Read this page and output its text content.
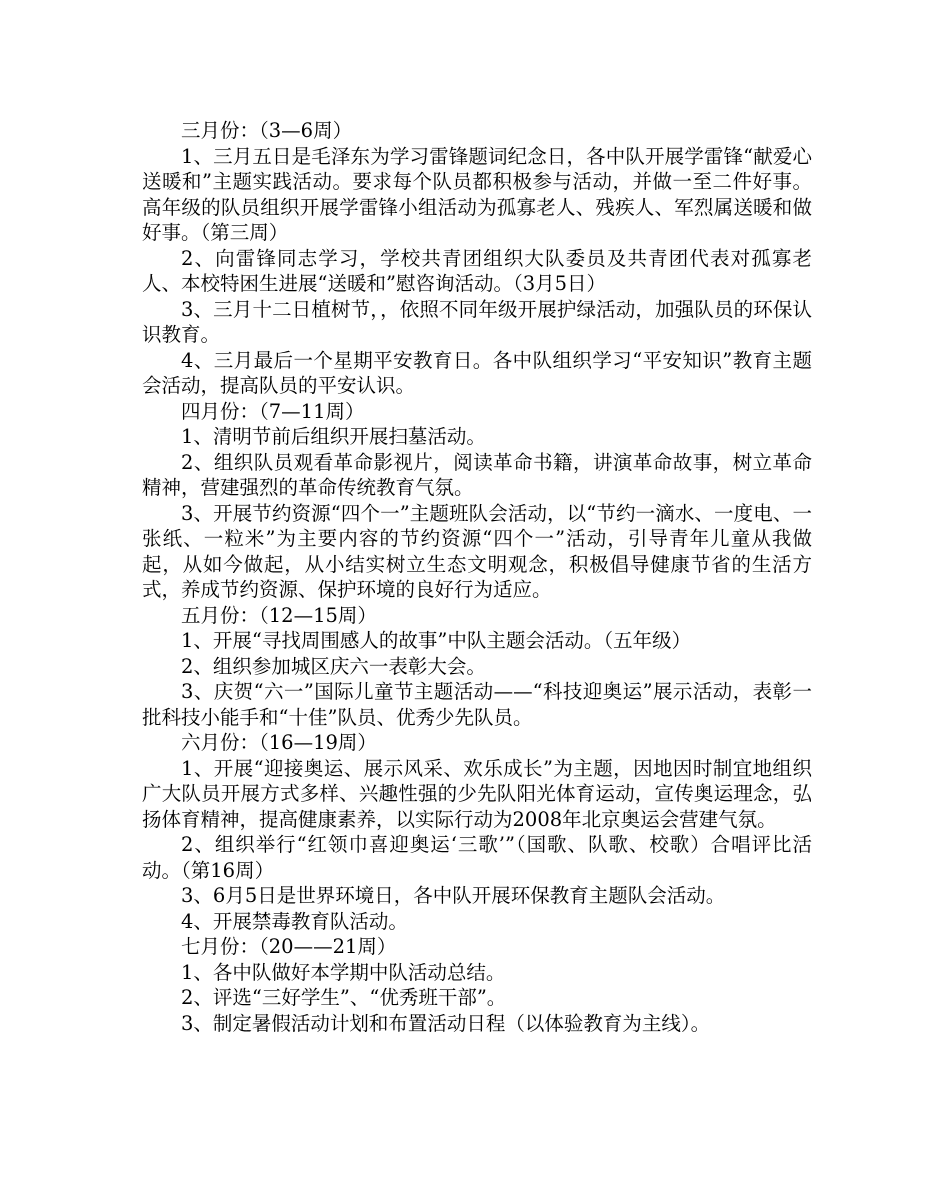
三月份：（3—6周）

1、三月五日是毛泽东为学习雷锋题词纪念日，各中队开展学雷锋“献爱心　　送暖和”主题实践活动。要求每个队员都积极参与活动，并做一至二件好事。高年级的队员组织开展学雷锋小组活动为孤寡老人、残疾人、军烈属送暖和做好事。（第三周）

2、向雷锋同志学习，学校共青团组织大队委员及共青团代表对孤寡老人、本校特困生进展“送暖和”慰咨询活动。（3月5日）

3、三月十二日植树节，，依照不同年级开展护绿活动，加强队员的环保认识教育。

4、三月最后一个星期平安教育日。各中队组织学习“平安知识”教育主题会活动，提高队员的平安认识。

四月份：（7—11周）

1、清明节前后组织开展扫墓活动。

2、组织队员观看革命影视片，阅读革命书籍，讲演革命故事，树立革命精神，营建强烈的革命传统教育气氛。

3、开展节约资源“四个一”主题班队会活动，以“节约一滴水、一度电、一张纸、一粒米”为主要内容的节约资源“四个一”活动，引导青年儿童从我做起，从如今做起，从小结实树立生态文明观念，积极倡导健康节省的生活方式，养成节约资源、保护环境的良好行为适应。

五月份：（12—15周）

1、开展“寻找周围感人的故事”中队主题会活动。（五年级）

2、组织参加城区庆六一表彰大会。

3、庆贺“六一”国际儿童节主题活动——“科技迎奥运”展示活动，表彰一批科技小能手和“十佳”队员、优秀少先队员。

六月份：（16—19周）

1、开展“迎接奥运、展示风采、欢乐成长”为主题，因地因时制宜地组织广大队员开展方式多样、兴趣性强的少先队阳光体育运动，宣传奥运理念，弘扬体育精神，提高健康素养，以实际行动为2008年北京奥运会营建气氛。

2、组织举行“红领巾喜迎奥运‘三歌’”（国歌、队歌、校歌）合唱评比活动。（第16周）

3、6月5日是世界环境日，各中队开展环保教育主题队会活动。

4、开展禁毒教育队活动。

七月份：（20——21周）

1、各中队做好本学期中队活动总结。

2、评选“三好学生”、“优秀班干部”。

3、制定暑假活动计划和布置活动日程（以体验教育为主线）。
